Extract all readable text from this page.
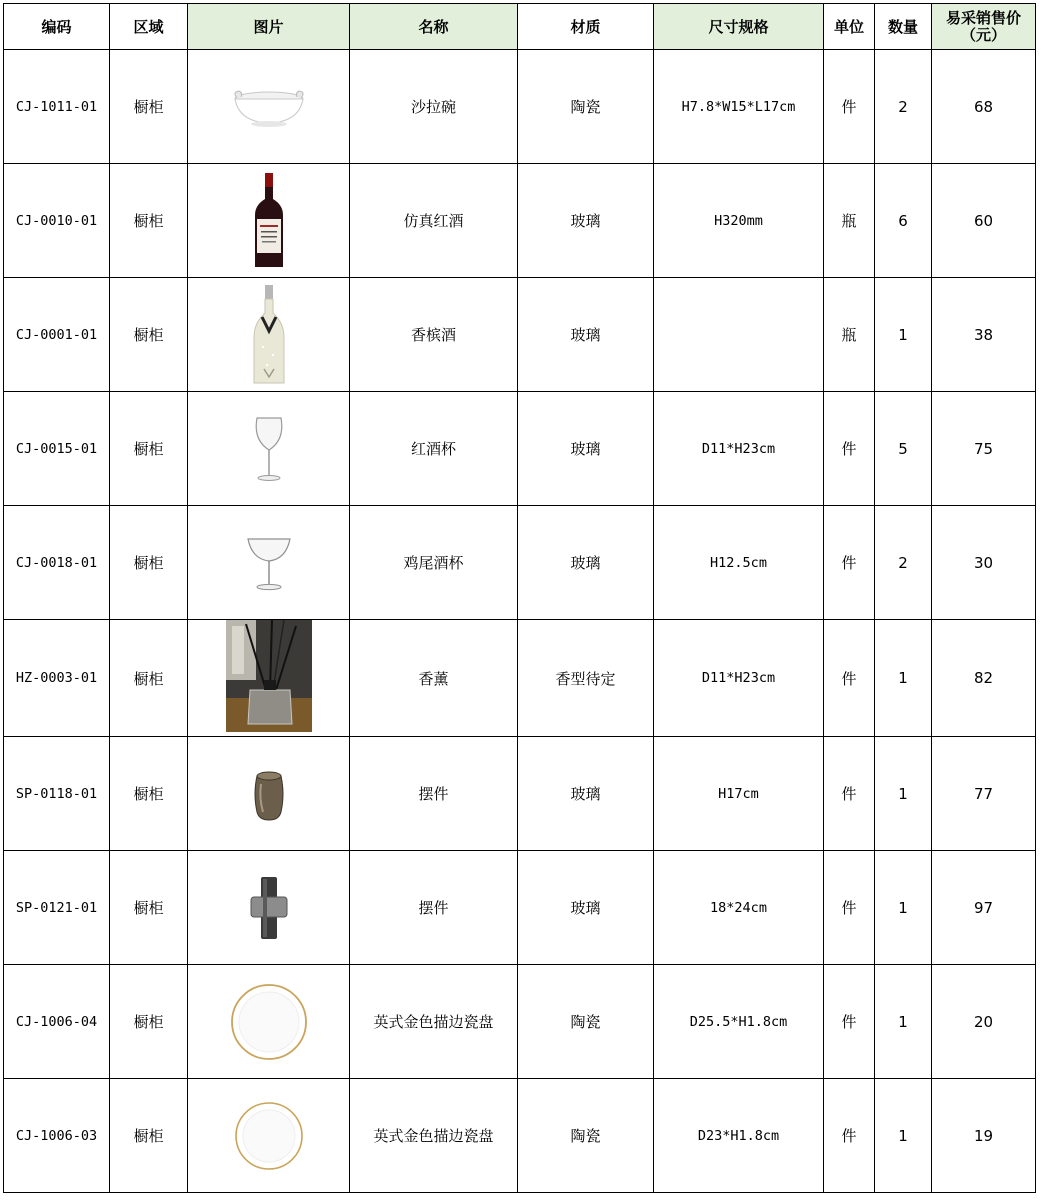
编码	区域	图片	名称	材质	尺寸规格	单位	数量	易采销售价（元）
CJ-1011-01	橱柜		沙拉碗	陶瓷	H7.8*W15*L17cm	件	2	68
CJ-0010-01	橱柜		仿真红酒	玻璃	H320mm	瓶	6	60
CJ-0001-01	橱柜		香槟酒	玻璃		瓶	1	38
CJ-0015-01	橱柜		红酒杯	玻璃	D11*H23cm	件	5	75
CJ-0018-01	橱柜		鸡尾酒杯	玻璃	H12.5cm	件	2	30
HZ-0003-01	橱柜		香薰	香型待定	D11*H23cm	件	1	82
SP-0118-01	橱柜		摆件	玻璃	H17cm	件	1	77
SP-0121-01	橱柜		摆件	玻璃	18*24cm	件	1	97
CJ-1006-04	橱柜		英式金色描边瓷盘	陶瓷	D25.5*H1.8cm	件	1	20
CJ-1006-03	橱柜		英式金色描边瓷盘	陶瓷	D23*H1.8cm	件	1	19
